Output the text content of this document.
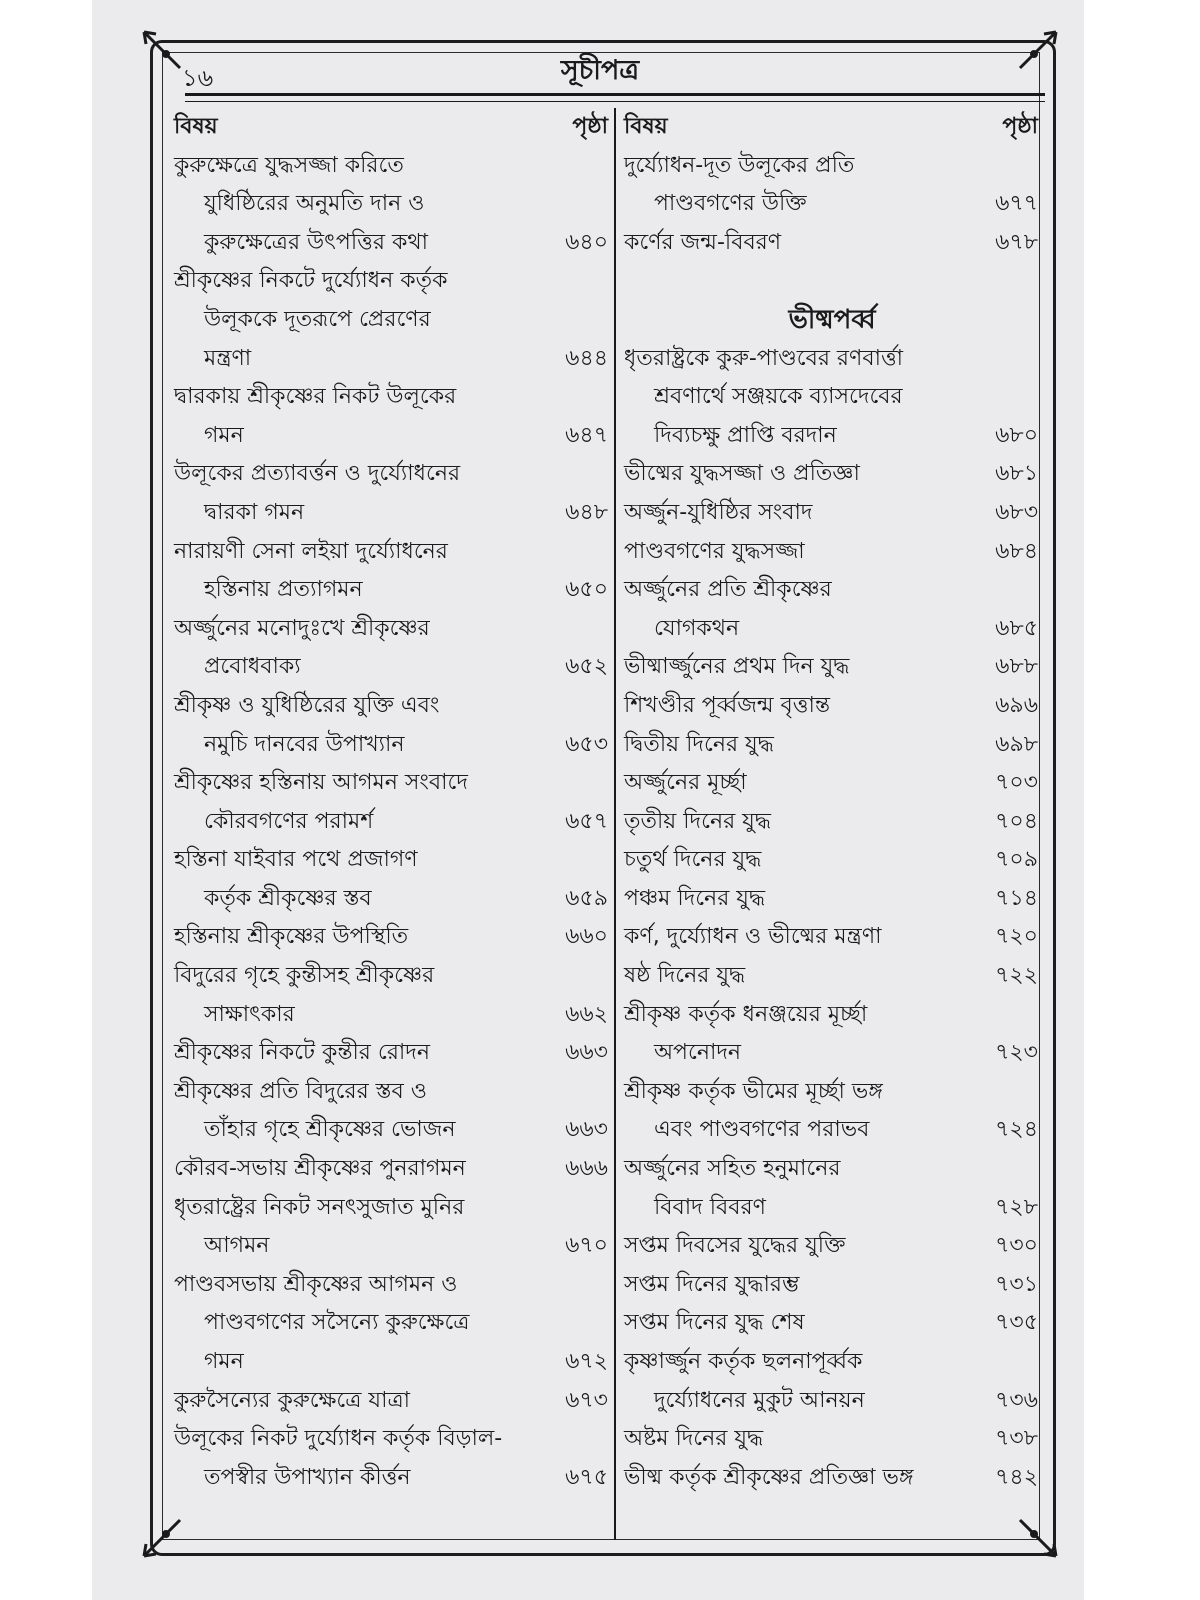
১৬	সূচীপত্র
বিষয়	পৃষ্ঠা
কুরুক্ষেত্রে যুদ্ধসজ্জা করিতে
যুধিষ্ঠিরের অনুমতি দান ও
কুরুক্ষেত্রের উৎপত্তির কথা	৬৪০
শ্রীকৃষ্ণের নিকটে দুর্য্যোধন কর্তৃক
উলূককে দূতরূপে প্রেরণের
মন্ত্রণা	৬৪৪
দ্বারকায় শ্রীকৃষ্ণের নিকট উলূকের
গমন	৬৪৭
উলূকের প্রত্যাবর্ত্তন ও দুর্য্যোধনের
দ্বারকা গমন	৬৪৮
নারায়ণী সেনা লইয়া দুর্য্যোধনের
হস্তিনায় প্রত্যাগমন	৬৫০
অর্জ্জুনের মনোদুঃখে শ্রীকৃষ্ণের
প্রবোধবাক্য	৬৫২
শ্রীকৃষ্ণ ও যুধিষ্ঠিরের যুক্তি এবং
নমুচি দানবের উপাখ্যান	৬৫৩
শ্রীকৃষ্ণের হস্তিনায় আগমন সংবাদে
কৌরবগণের পরামর্শ	৬৫৭
হস্তিনা যাইবার পথে প্রজাগণ
কর্তৃক শ্রীকৃষ্ণের স্তব	৬৫৯
হস্তিনায় শ্রীকৃষ্ণের উপস্থিতি	৬৬০
বিদুরের গৃহে কুন্তীসহ শ্রীকৃষ্ণের
সাক্ষাৎকার	৬৬২
শ্রীকৃষ্ণের নিকটে কুন্তীর রোদন	৬৬৩
শ্রীকৃষ্ণের প্রতি বিদুরের স্তব ও
তাঁহার গৃহে শ্রীকৃষ্ণের ভোজন	৬৬৩
কৌরব-সভায় শ্রীকৃষ্ণের পুনরাগমন	৬৬৬
ধৃতরাষ্ট্রের নিকট সনৎসুজাত মুনির
আগমন	৬৭০
পাণ্ডবসভায় শ্রীকৃষ্ণের আগমন ও
পাণ্ডবগণের সসৈন্যে কুরুক্ষেত্রে
গমন	৬৭২
কুরুসৈন্যের কুরুক্ষেত্রে যাত্রা	৬৭৩
উলূকের নিকট দুর্য্যোধন কর্তৃক বিড়াল-
তপস্বীর উপাখ্যান কীর্ত্তন	৬৭৫
বিষয়	পৃষ্ঠা
দুর্য্যোধন-দূত উলূকের প্রতি
পাণ্ডবগণের উক্তি	৬৭৭
কর্ণের জন্ম-বিবরণ	৬৭৮
ভীষ্মপর্ব্ব
ধৃতরাষ্ট্রকে কুরু-পাণ্ডবের রণবার্ত্তা
শ্রবণার্থে সঞ্জয়কে ব্যাসদেবের
দিব্যচক্ষু প্রাপ্তি বরদান	৬৮০
ভীষ্মের যুদ্ধসজ্জা ও প্রতিজ্ঞা	৬৮১
অর্জ্জুন-যুধিষ্ঠির সংবাদ	৬৮৩
পাণ্ডবগণের যুদ্ধসজ্জা	৬৮৪
অর্জ্জুনের প্রতি শ্রীকৃষ্ণের
যোগকথন	৬৮৫
ভীষ্মার্জ্জুনের প্রথম দিন যুদ্ধ	৬৮৮
শিখণ্ডীর পূর্ব্বজন্ম বৃত্তান্ত	৬৯৬
দ্বিতীয় দিনের যুদ্ধ	৬৯৮
অর্জ্জুনের মূর্চ্ছা	৭০৩
তৃতীয় দিনের যুদ্ধ	৭০৪
চতুর্থ দিনের যুদ্ধ	৭০৯
পঞ্চম দিনের যুদ্ধ	৭১৪
কর্ণ, দুর্য্যোধন ও ভীষ্মের মন্ত্রণা	৭২০
ষষ্ঠ দিনের যুদ্ধ	৭২২
শ্রীকৃষ্ণ কর্তৃক ধনঞ্জয়ের মূর্চ্ছা
অপনোদন	৭২৩
শ্রীকৃষ্ণ কর্তৃক ভীমের মূর্চ্ছা ভঙ্গ
এবং পাণ্ডবগণের পরাভব	৭২৪
অর্জ্জুনের সহিত হনুমানের
বিবাদ বিবরণ	৭২৮
সপ্তম দিবসের যুদ্ধের যুক্তি	৭৩০
সপ্তম দিনের যুদ্ধারম্ভ	৭৩১
সপ্তম দিনের যুদ্ধ শেষ	৭৩৫
কৃষ্ণার্জ্জুন কর্তৃক ছলনাপূর্ব্বক
দুর্য্যোধনের মুকুট আনয়ন	৭৩৬
অষ্টম দিনের যুদ্ধ	৭৩৮
ভীষ্ম কর্তৃক শ্রীকৃষ্ণের প্রতিজ্ঞা ভঙ্গ	৭৪২
